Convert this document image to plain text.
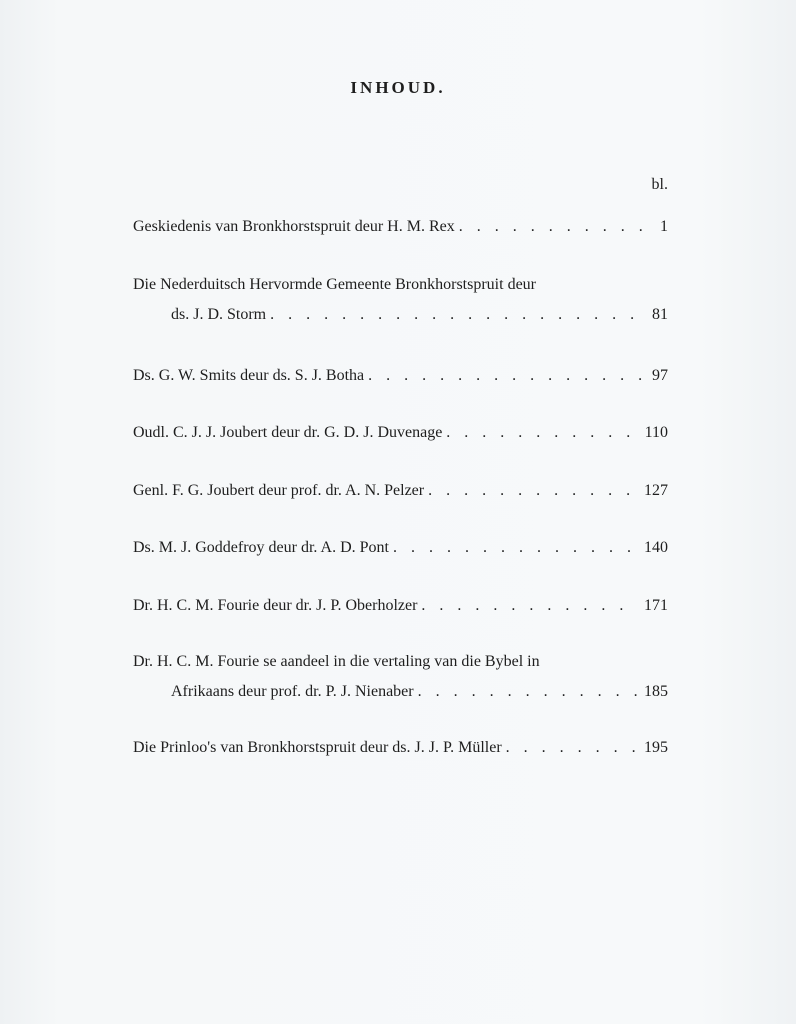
INHOUD.
bl.
Geskiedenis van Bronkhorstspruit deur H. M. Rex . . .	1
Die Nederduitsch Hervormde Gemeente Bronkhorstspruit deur
ds. J. D. Storm . . .	81
Ds. G. W. Smits deur ds. S. J. Botha . . .	97
Oudl. C. J. J. Joubert deur dr. G. D. J. Duvenage . . .	110
Genl. F. G. Joubert deur prof. dr. A. N. Pelzer . . .	127
Ds. M. J. Goddefroy deur dr. A. D. Pont . . .	140
Dr. H. C. M. Fourie deur dr. J. P. Oberholzer . . .	171
Dr. H. C. M. Fourie se aandeel in die vertaling van die Bybel in
Afrikaans deur prof. dr. P. J. Nienaber . . .	185
Die Prinloo's van Bronkhorstspruit deur ds. J. J. P. Müller . . .	195
